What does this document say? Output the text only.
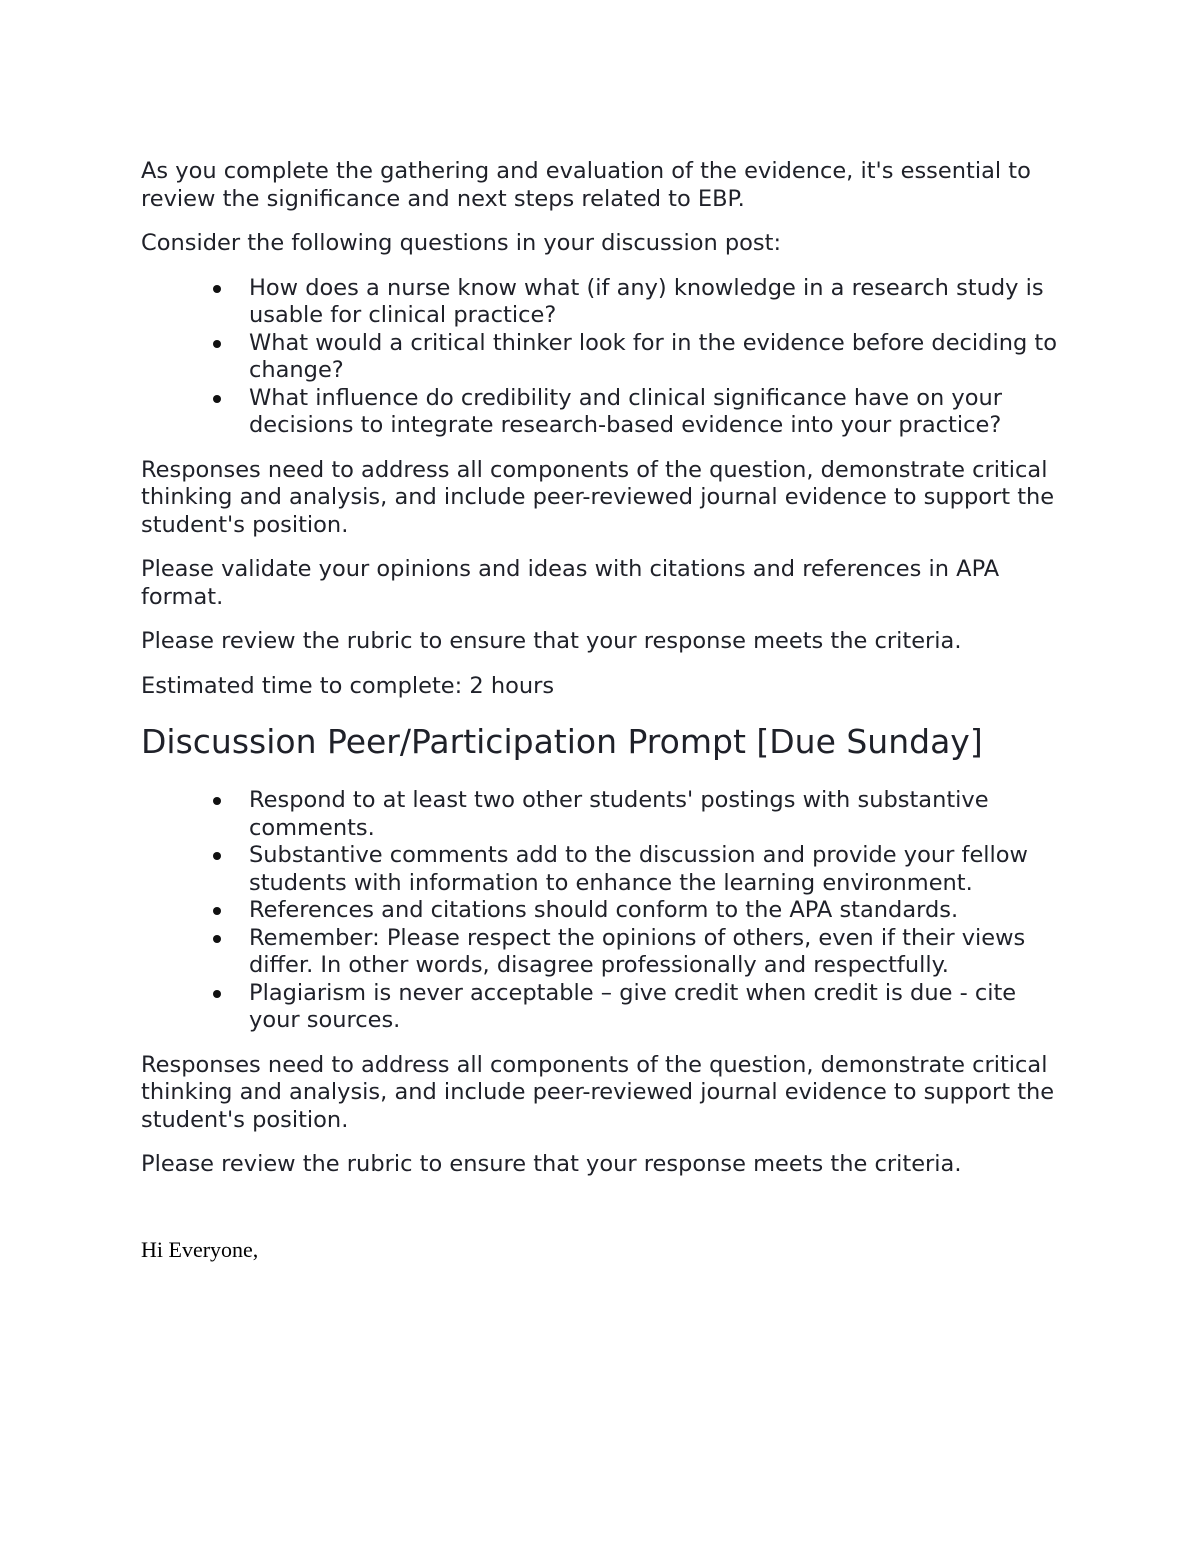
As you complete the gathering and evaluation of the evidence, it's essential to review the significance and next steps related to EBP.

Consider the following questions in your discussion post:

How does a nurse know what (if any) knowledge in a research study is usable for clinical practice?
What would a critical thinker look for in the evidence before deciding to change?
What influence do credibility and clinical significance have on your decisions to integrate research-based evidence into your practice?

Responses need to address all components of the question, demonstrate critical thinking and analysis, and include peer-reviewed journal evidence to support the student's position.

Please validate your opinions and ideas with citations and references in APA format.

Please review the rubric to ensure that your response meets the criteria.

Estimated time to complete: 2 hours

Discussion Peer/Participation Prompt [Due Sunday]
Respond to at least two other students' postings with substantive comments.
Substantive comments add to the discussion and provide your fellow students with information to enhance the learning environment.
References and citations should conform to the APA standards.
Remember: Please respect the opinions of others, even if their views differ. In other words, disagree professionally and respectfully.
Plagiarism is never acceptable – give credit when credit is due - cite your sources.

Responses need to address all components of the question, demonstrate critical thinking and analysis, and include peer-reviewed journal evidence to support the student's position.

Please review the rubric to ensure that your response meets the criteria.

Hi Everyone,
